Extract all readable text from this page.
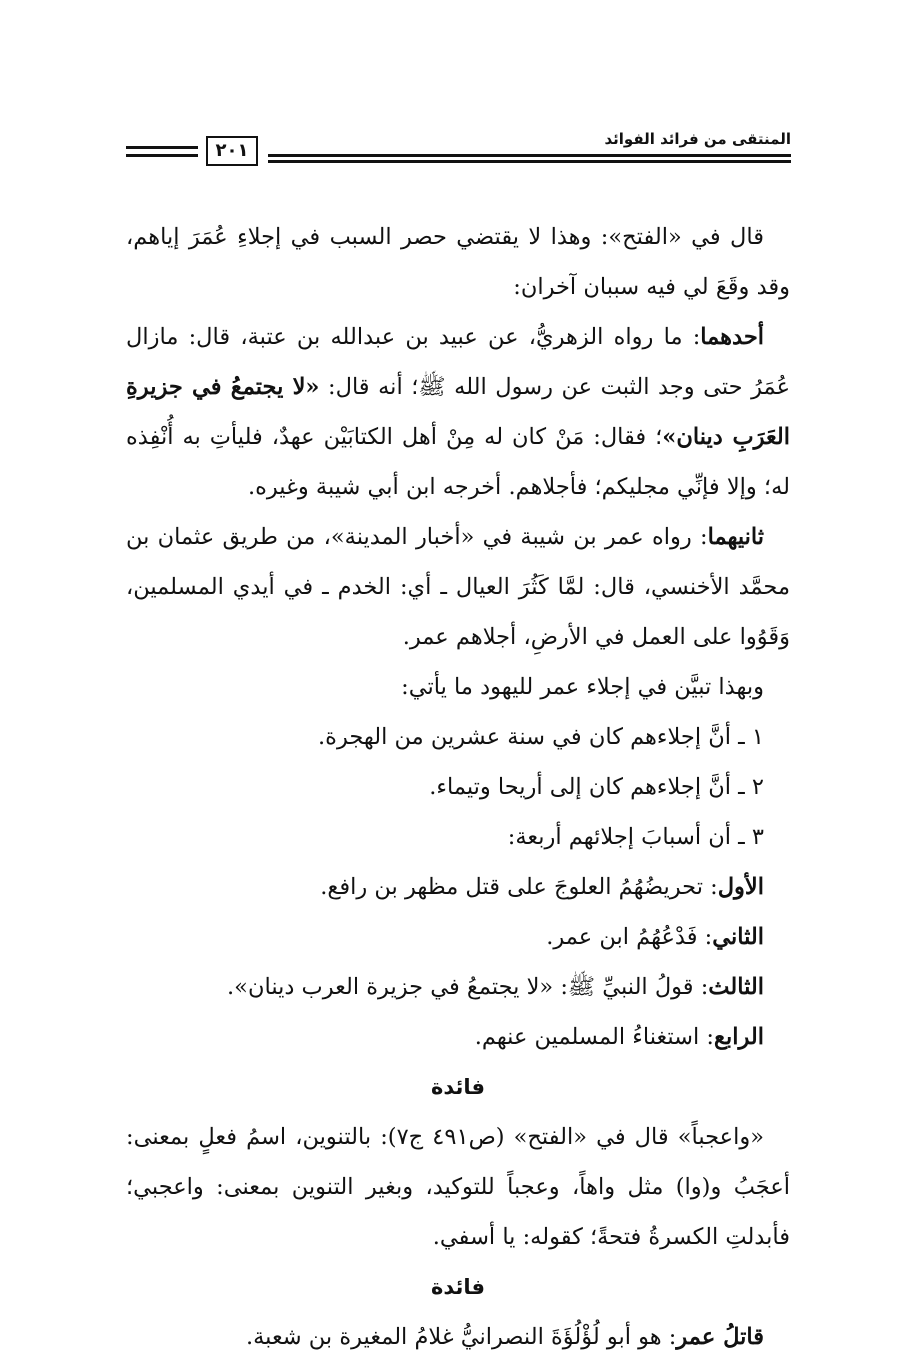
المنتقى من فرائد الفوائد
٢٠١

قال في «الفتح»: وهذا لا يقتضي حصر السبب في إجلاءِ عُمَرَ إياهم، وقد وقَعَ لي فيه سببان آخران:

أحدهما: ما رواه الزهريُّ، عن عبيد بن عبدالله بن عتبة، قال: مازال عُمَرُ حتى وجد الثبت عن رسول الله ﷺ؛ أنه قال: «لا يجتمعُ في جزيرةِ العَرَبِ دينان»؛ فقال: مَنْ كان له مِنْ أهل الكتابَيْن عهدٌ، فليأتِ به أُنْفِذه له؛ وإلا فإنِّي مجليكم؛ فأجلاهم. أخرجه ابن أبي شيبة وغيره.

ثانيهما: رواه عمر بن شيبة في «أخبار المدينة»، من طريق عثمان بن محمَّد الأخنسي، قال: لمَّا كَثُرَ العيال ـ أي: الخدم ـ في أيدي المسلمين، وَقَوُوا على العمل في الأرضِ، أجلاهم عمر.

وبهذا تبيَّن في إجلاء عمر لليهود ما يأتي:

١ ـ أنَّ إجلاءهم كان في سنة عشرين من الهجرة.

٢ ـ أنَّ إجلاءهم كان إلى أريحا وتيماء.

٣ ـ أن أسبابَ إجلائهم أربعة:

الأول: تحريضُهُمُ العلوجَ على قتل مظهر بن رافع.

الثاني: فَدْعُهُمُ ابن عمر.

الثالث: قولُ النبيِّ ﷺ: «لا يجتمعُ في جزيرة العرب دينان».

الرابع: استغناءُ المسلمين عنهم.

فائدة

«واعجباً» قال في «الفتح» (ص٤٩١ ج٧): بالتنوين، اسمُ فعلٍ بمعنى: أعجَبُ و(وا) مثل واهاً، وعجباً للتوكيد، وبغير التنوين بمعنى: واعجبي؛ فأبدلتِ الكسرةُ فتحةً؛ كقوله: يا أسفي.

فائدة

قاتلُ عمر: هو أبو لُؤْلُؤَةَ النصرانيُّ غلامُ المغيرة بن شعبة.
